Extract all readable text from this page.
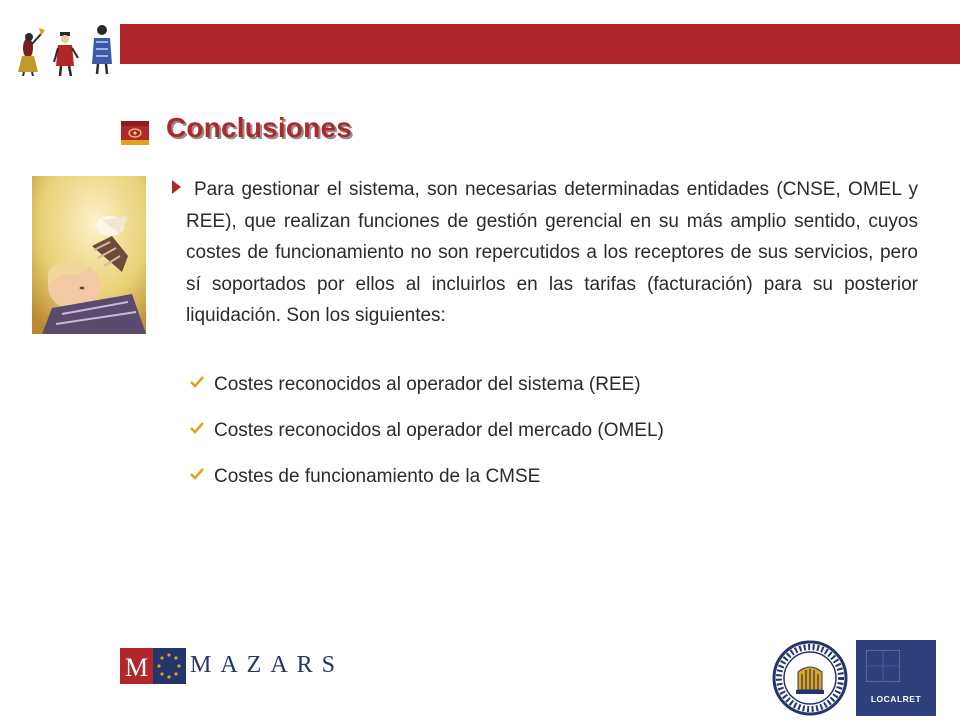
Conclusiones

Para gestionar el sistema, son necesarias determinadas entidades (CNSE, OMEL y REE), que realizan funciones de gestión gerencial en su más amplio sentido, cuyos costes de funcionamiento no son repercutidos a los receptores de sus servicios, pero sí soportados por ellos al incluirlos en las tarifas (facturación) para su posterior liquidación. Son los siguientes:

Costes reconocidos al operador del sistema (REE)
Costes reconocidos al operador del mercado (OMEL)
Costes de funcionamiento de la CMSE
M MAZARS
LOCALRET
